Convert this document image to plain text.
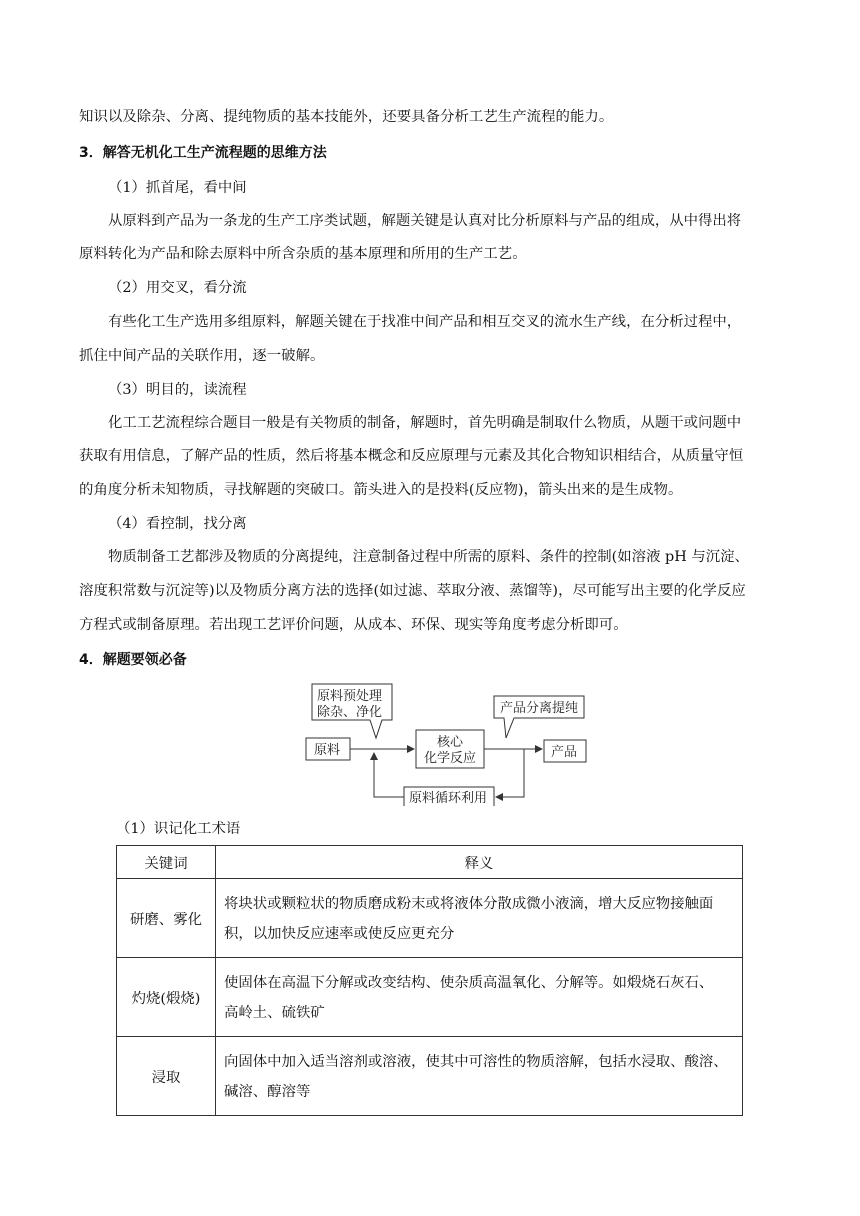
知识以及除杂、分离、提纯物质的基本技能外，还要具备分析工艺生产流程的能力。
3．解答无机化工生产流程题的思维方法
（1）抓首尾，看中间
从原料到产品为一条龙的生产工序类试题，解题关键是认真对比分析原料与产品的组成，从中得出将
原料转化为产品和除去原料中所含杂质的基本原理和所用的生产工艺。
（2）用交叉，看分流
有些化工生产选用多组原料，解题关键在于找准中间产品和相互交叉的流水生产线，在分析过程中，
抓住中间产品的关联作用，逐一破解。
（3）明目的，读流程
化工工艺流程综合题目一般是有关物质的制备，解题时，首先明确是制取什么物质，从题干或问题中
获取有用信息，了解产品的性质，然后将基本概念和反应原理与元素及其化合物知识相结合，从质量守恒
的角度分析未知物质，寻找解题的突破口。箭头进入的是投料(反应物)，箭头出来的是生成物。
（4）看控制，找分离
物质制备工艺都涉及物质的分离提纯，注意制备过程中所需的原料、条件的控制(如溶液 pH 与沉淀、
溶度积常数与沉淀等)以及物质分离方法的选择(如过滤、萃取分液、蒸馏等)，尽可能写出主要的化学反应
方程式或制备原理。若出现工艺评价问题，从成本、环保、现实等角度考虑分析即可。
4．解题要领必备
原料预处理
除杂、净化	产品分离提纯
原料
核心
化学反应	产品
原料循环利用
（1）识记化工术语
关键词	释义
研磨、雾化	将块状或颗粒状的物质磨成粉末或将液体分散成微小液滴，增大反应物接触面
积，以加快反应速率或使反应更充分

灼烧(煅烧)	使固体在高温下分解或改变结构、使杂质高温氧化、分解等。如煅烧石灰石、
高岭土、硫铁矿

浸取	向固体中加入适当溶剂或溶液，使其中可溶性的物质溶解，包括水浸取、酸溶、
碱溶、醇溶等
